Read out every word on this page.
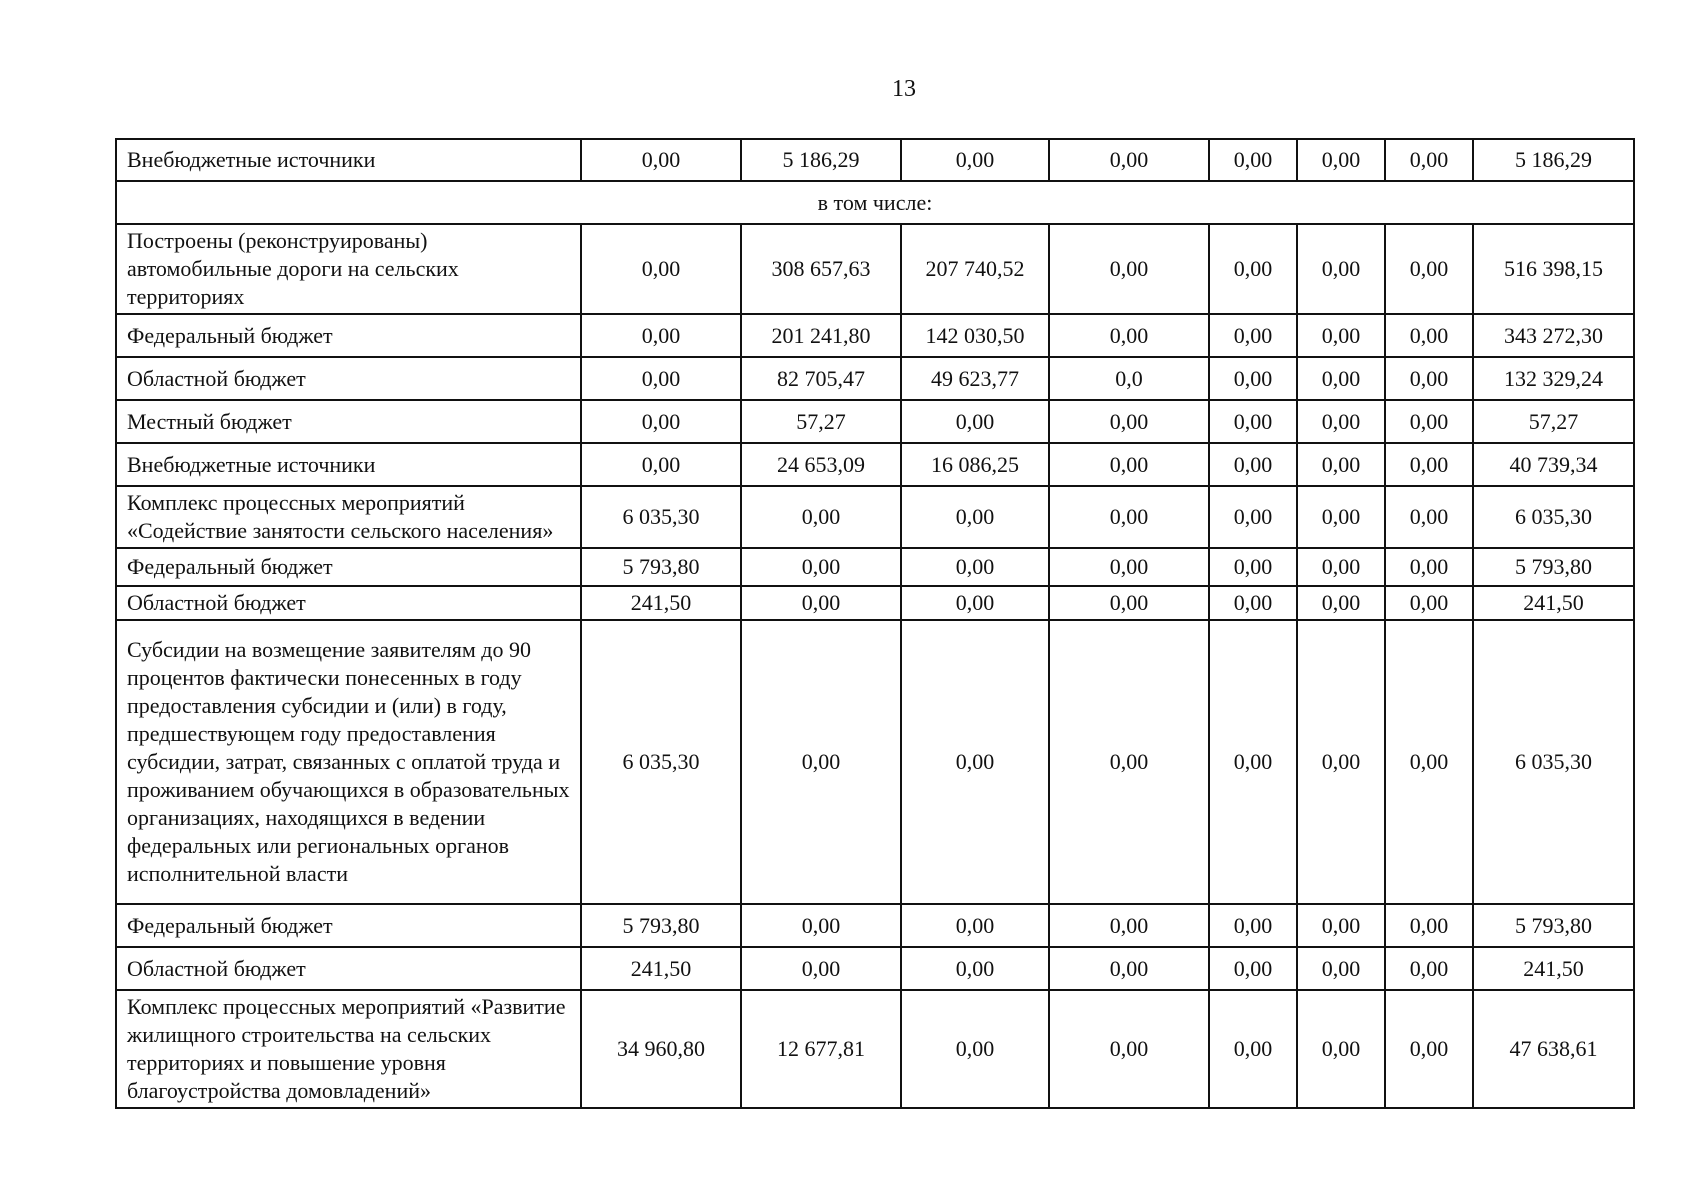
13
Внебюджетные источники	0,00	5 186,29	0,00	0,00	0,00	0,00	0,00	5 186,29
в том числе:								
Построены (реконструированы) автомобильные дороги на сельских территориях	0,00	308 657,63	207 740,52	0,00	0,00	0,00	0,00	516 398,15
Федеральный бюджет	0,00	201 241,80	142 030,50	0,00	0,00	0,00	0,00	343 272,30
Областной бюджет	0,00	82 705,47	49 623,77	0,0	0,00	0,00	0,00	132 329,24
Местный бюджет	0,00	57,27	0,00	0,00	0,00	0,00	0,00	57,27
Внебюджетные источники	0,00	24 653,09	16 086,25	0,00	0,00	0,00	0,00	40 739,34
Комплекс процессных мероприятий «Содействие занятости сельского населения»	6 035,30	0,00	0,00	0,00	0,00	0,00	0,00	6 035,30
Федеральный бюджет	5 793,80	0,00	0,00	0,00	0,00	0,00	0,00	5 793,80
Областной бюджет	241,50	0,00	0,00	0,00	0,00	0,00	0,00	241,50
Субсидии на возмещение заявителям до 90 процентов фактически понесенных в году предоставления субсидии и (или) в году, предшествующем году предоставления субсидии, затрат, связанных с оплатой труда и проживанием обучающихся в образовательных организациях, находящихся в ведении федеральных или региональных органов исполнительной власти	6 035,30	0,00	0,00	0,00	0,00	0,00	0,00	6 035,30
Федеральный бюджет	5 793,80	0,00	0,00	0,00	0,00	0,00	0,00	5 793,80
Областной бюджет	241,50	0,00	0,00	0,00	0,00	0,00	0,00	241,50
Комплекс процессных мероприятий «Развитие жилищного строительства на сельских территориях и повышение уровня благоустройства домовладений»	34 960,80	12 677,81	0,00	0,00	0,00	0,00	0,00	47 638,61
